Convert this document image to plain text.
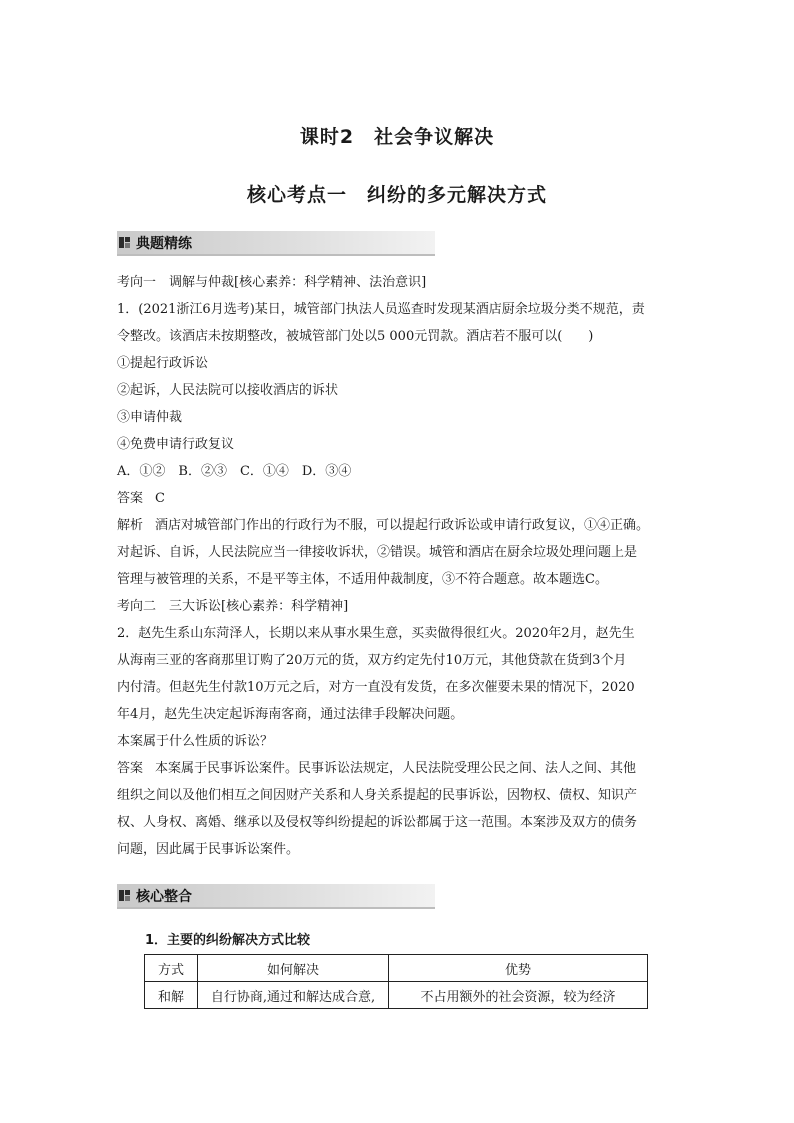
课时2　社会争议解决
核心考点一　纠纷的多元解决方式
典题精练
考向一　调解与仲裁[核心素养：科学精神、法治意识]
1．(2021浙江6月选考)某日，城管部门执法人员巡查时发现某酒店厨余垃圾分类不规范，责
令整改。该酒店未按期整改，被城管部门处以5 000元罚款。酒店若不服可以(　　)
①提起行政诉讼
②起诉，人民法院可以接收酒店的诉状
③申请仲裁
④免费申请行政复议
A．①②　B．②③　C．①④　D．③④
答案 C
解析 酒店对城管部门作出的行政行为不服，可以提起行政诉讼或申请行政复议，①④正确。
对起诉、自诉，人民法院应当一律接收诉状，②错误。城管和酒店在厨余垃圾处理问题上是
管理与被管理的关系，不是平等主体，不适用仲裁制度，③不符合题意。故本题选C。
考向二　三大诉讼[核心素养：科学精神]
2．赵先生系山东菏泽人，长期以来从事水果生意，买卖做得很红火。2020年2月，赵先生
从海南三亚的客商那里订购了20万元的货，双方约定先付10万元，其他贷款在货到3个月
内付清。但赵先生付款10万元之后，对方一直没有发货，在多次催要未果的情况下，2020
年4月，赵先生决定起诉海南客商，通过法律手段解决问题。
本案属于什么性质的诉讼？
答案 本案属于民事诉讼案件。民事诉讼法规定，人民法院受理公民之间、法人之间、其他
组织之间以及他们相互之间因财产关系和人身关系提起的民事诉讼，因物权、债权、知识产
权、人身权、离婚、继承以及侵权等纠纷提起的诉讼都属于这一范围。本案涉及双方的债务
问题，因此属于民事诉讼案件。
核心整合
1．主要的纠纷解决方式比较
方式	如何解决	优势
和解	自行协商,通过和解达成合意,	不占用额外的社会资源，较为经济
